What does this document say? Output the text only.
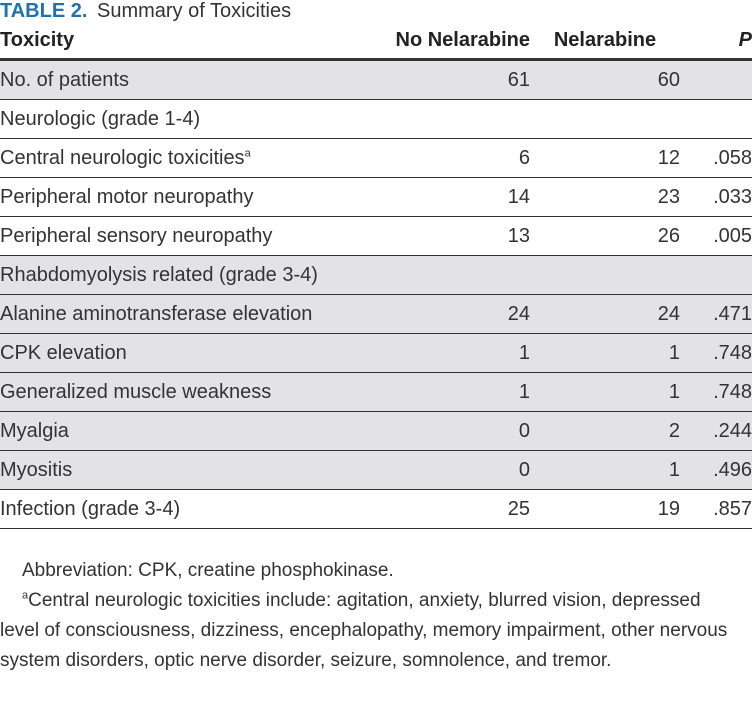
TABLE 2. Summary of Toxicities
Toxicity	No Nelarabine	Nelarabine	P
No. of patients	61	60	
Neurologic (grade 1-4)			
Central neurologic toxicities$^a$	6	12	.058
Peripheral motor neuropathy	14	23	.033
Peripheral sensory neuropathy	13	26	.005
Rhabdomyolysis related (grade 3-4)			
Alanine aminotransferase elevation	24	24	.471
CPK elevation	1	1	.748
Generalized muscle weakness	1	1	.748
Myalgia	0	2	.244
Myositis	0	1	.496
Infection (grade 3-4)	25	19	.857

Abbreviation: CPK, creatine phosphokinase.

$^a$Central neurologic toxicities include: agitation, anxiety, blurred vision, depressed level of consciousness, dizziness, encephalopathy, memory impairment, other nervous system disorders, optic nerve disorder, seizure, somnolence, and tremor.
